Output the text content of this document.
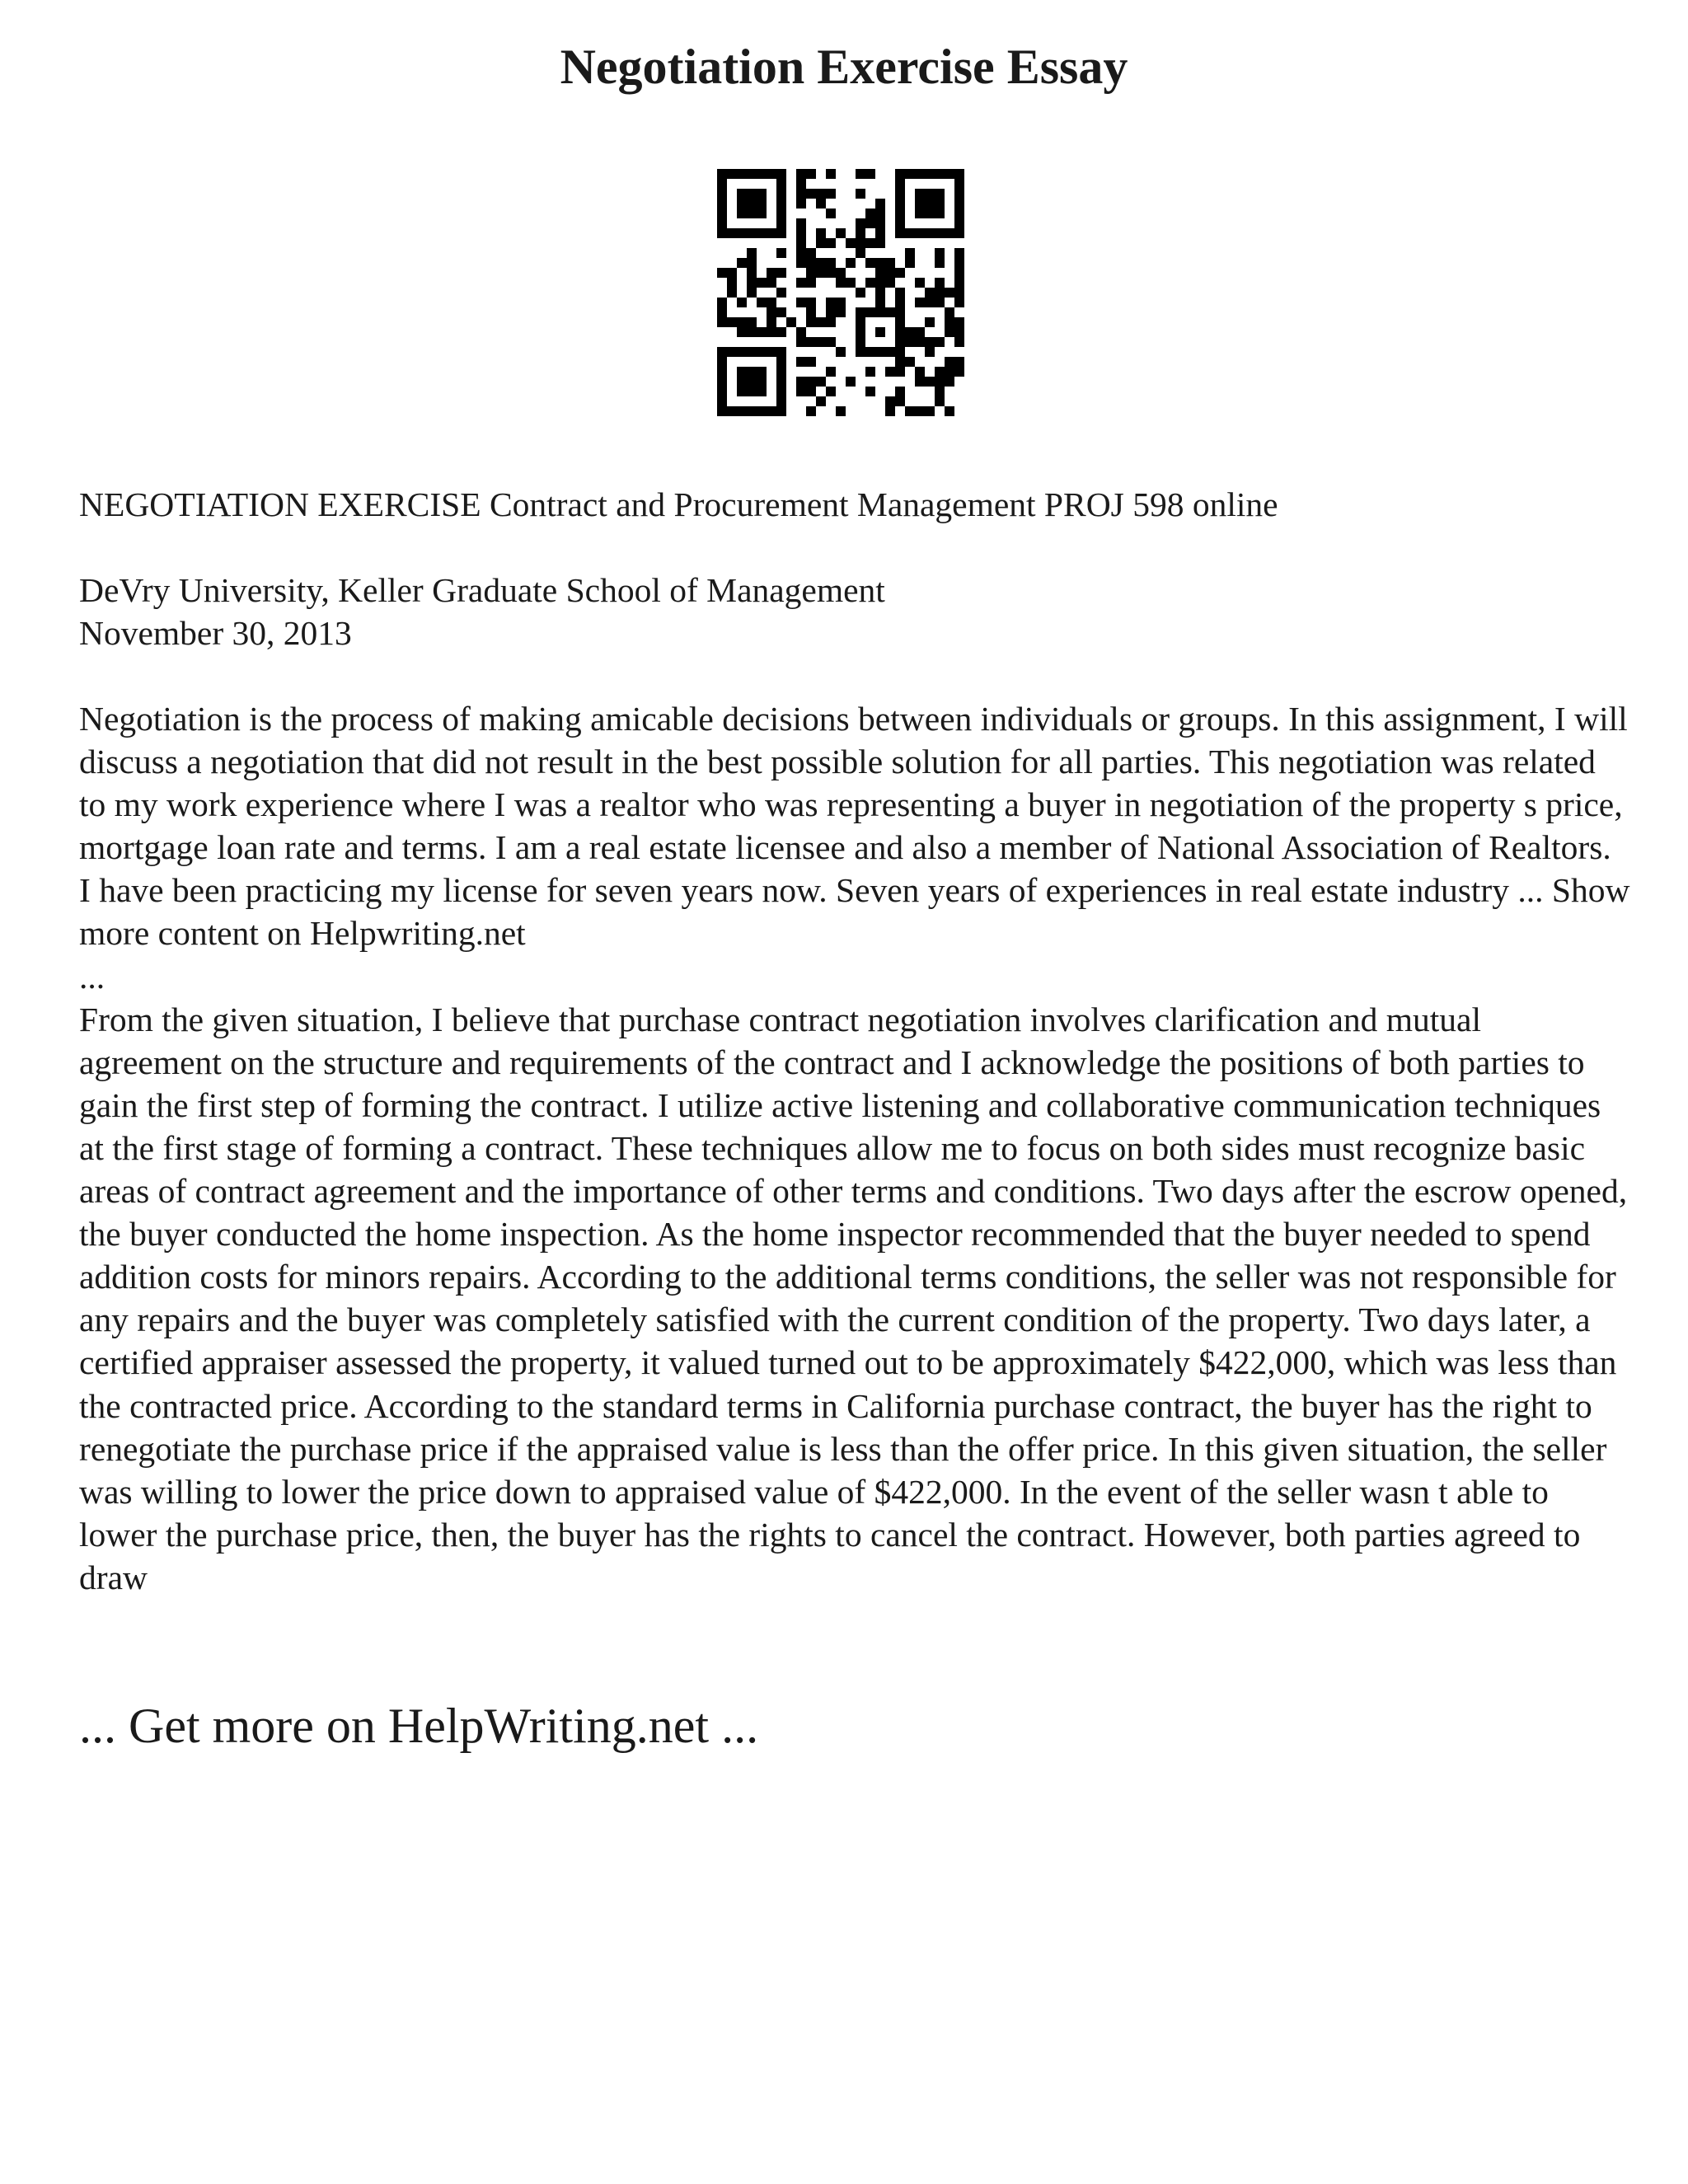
Negotiation Exercise Essay

NEGOTIATION EXERCISE Contract and Procurement Management PROJ 598 online

DeVry University, Keller Graduate School of Management

November 30, 2013

Negotiation is the process of making amicable decisions between individuals or groups. In this assignment, I will discuss a negotiation that did not result in the best possible solution for all parties. This negotiation was related to my work experience where I was a realtor who was representing a buyer in negotiation of the property s price, mortgage loan rate and terms. I am a real estate licensee and also a member of National Association of Realtors. I have been practicing my license for seven years now. Seven years of experiences in real estate industry ... Show more content on Helpwriting.net
...
From the given situation, I believe that purchase contract negotiation involves clarification and mutual agreement on the structure and requirements of the contract and I acknowledge the positions of both parties to gain the first step of forming the contract. I utilize active listening and collaborative communication techniques at the first stage of forming a contract. These techniques allow me to focus on both sides must recognize basic areas of contract agreement and the importance of other terms and conditions. Two days after the escrow opened, the buyer conducted the home inspection. As the home inspector recommended that the buyer needed to spend addition costs for minors repairs. According to the additional terms conditions, the seller was not responsible for any repairs and the buyer was completely satisfied with the current condition of the property. Two days later, a certified appraiser assessed the property, it valued turned out to be approximately $422,000, which was less than the contracted price. According to the standard terms in California purchase contract, the buyer has the right to renegotiate the purchase price if the appraised value is less than the offer price. In this given situation, the seller was willing to lower the price down to appraised value of $422,000. In the event of the seller wasn t able to lower the purchase price, then, the buyer has the rights to cancel the contract. However, both parties agreed to draw

... Get more on HelpWriting.net ...
